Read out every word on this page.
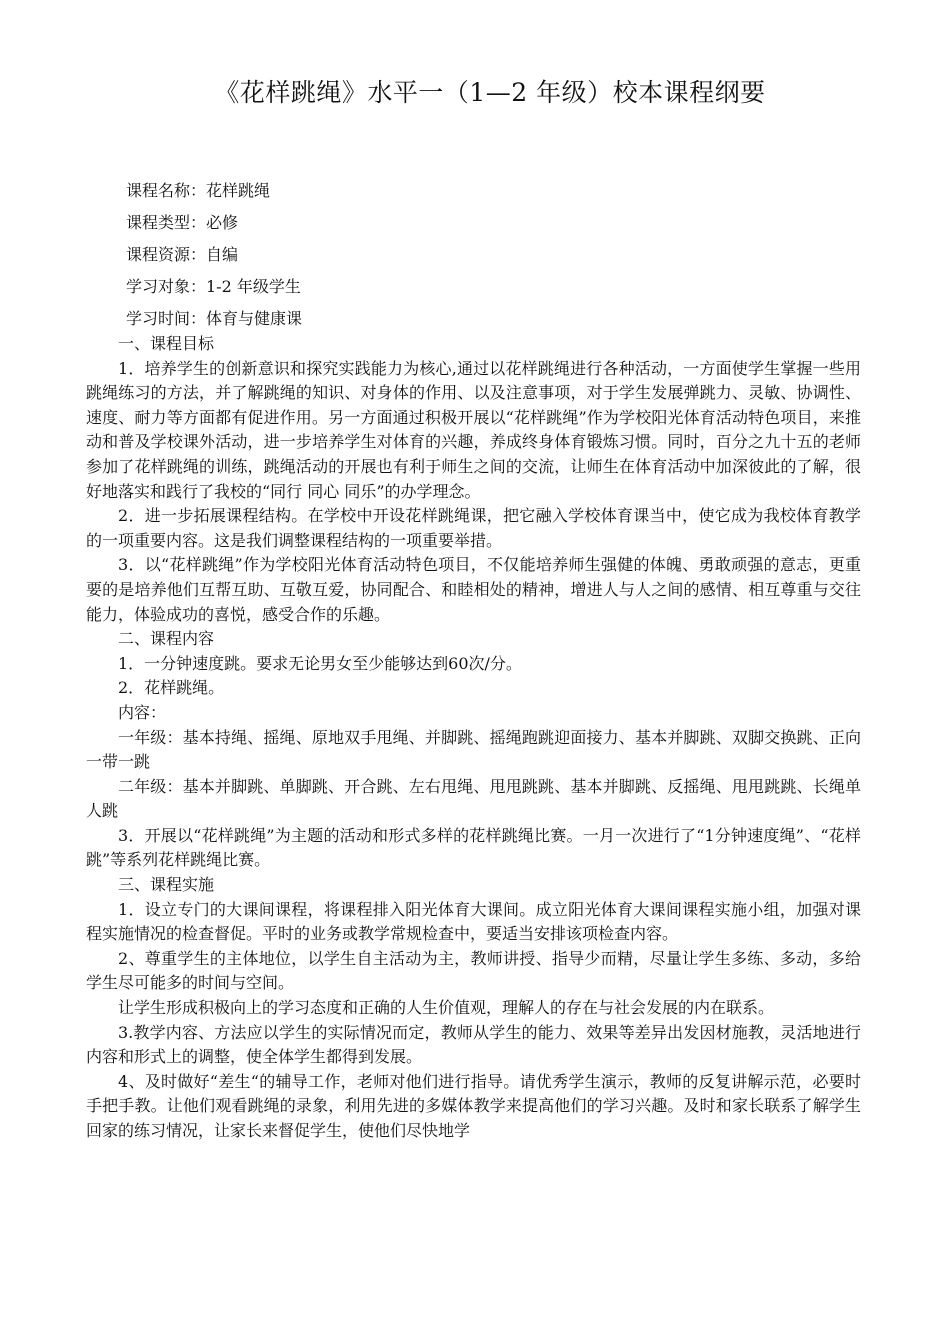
《花样跳绳》水平一（1—2 年级）校本课程纲要
课程名称：花样跳绳
课程类型：必修
课程资源：自编
学习对象：1-2 年级学生
学习时间：体育与健康课

一、课程目标

1．培养学生的创新意识和探究实践能力为核心,通过以花样跳绳进行各种活动，一方面使学生掌握一些用跳绳练习的方法，并了解跳绳的知识、对身体的作用、以及注意事项，对于学生发展弹跳力、灵敏、协调性、速度、耐力等方面都有促进作用。另一方面通过积极开展以“花样跳绳”作为学校阳光体育活动特色项目，来推动和普及学校课外活动，进一步培养学生对体育的兴趣，养成终身体育锻炼习惯。同时，百分之九十五的老师参加了花样跳绳的训练，跳绳活动的开展也有利于师生之间的交流，让师生在体育活动中加深彼此的了解，很好地落实和践行了我校的“同行 同心 同乐”的办学理念。

2．进一步拓展课程结构。在学校中开设花样跳绳课，把它融入学校体育课当中，使它成为我校体育教学的一项重要内容。这是我们调整课程结构的一项重要举措。

3．以“花样跳绳”作为学校阳光体育活动特色项目，不仅能培养师生强健的体魄、勇敢顽强的意志，更重要的是培养他们互帮互助、互敬互爱，协同配合、和睦相处的精神，增进人与人之间的感情、相互尊重与交往能力，体验成功的喜悦，感受合作的乐趣。

二、课程内容

1．一分钟速度跳。要求无论男女至少能够达到60次/分。

2．花样跳绳。

内容：

一年级：基本持绳、摇绳、原地双手甩绳、并脚跳、摇绳跑跳迎面接力、基本并脚跳、双脚交换跳、正向一带一跳

二年级：基本并脚跳、单脚跳、开合跳、左右甩绳、甩甩跳跳、基本并脚跳、反摇绳、甩甩跳跳、长绳单人跳

3．开展以“花样跳绳”为主题的活动和形式多样的花样跳绳比赛。一月一次进行了“1分钟速度绳”、“花样跳”等系列花样跳绳比赛。

三、课程实施

1．设立专门的大课间课程，将课程排入阳光体育大课间。成立阳光体育大课间课程实施小组，加强对课程实施情况的检查督促。平时的业务或教学常规检查中，要适当安排该项检查内容。

2、尊重学生的主体地位，以学生自主活动为主，教师讲授、指导少而精，尽量让学生多练、多动，多给学生尽可能多的时间与空间。

让学生形成积极向上的学习态度和正确的人生价值观，理解人的存在与社会发展的内在联系。

3.教学内容、方法应以学生的实际情况而定，教师从学生的能力、效果等差异出发因材施教，灵活地进行内容和形式上的调整，使全体学生都得到发展。

4、及时做好“差生“的辅导工作，老师对他们进行指导。请优秀学生演示，教师的反复讲解示范，必要时手把手教。让他们观看跳绳的录象，利用先进的多媒体教学来提高他们的学习兴趣。及时和家长联系了解学生回家的练习情况，让家长来督促学生，使他们尽快地学
